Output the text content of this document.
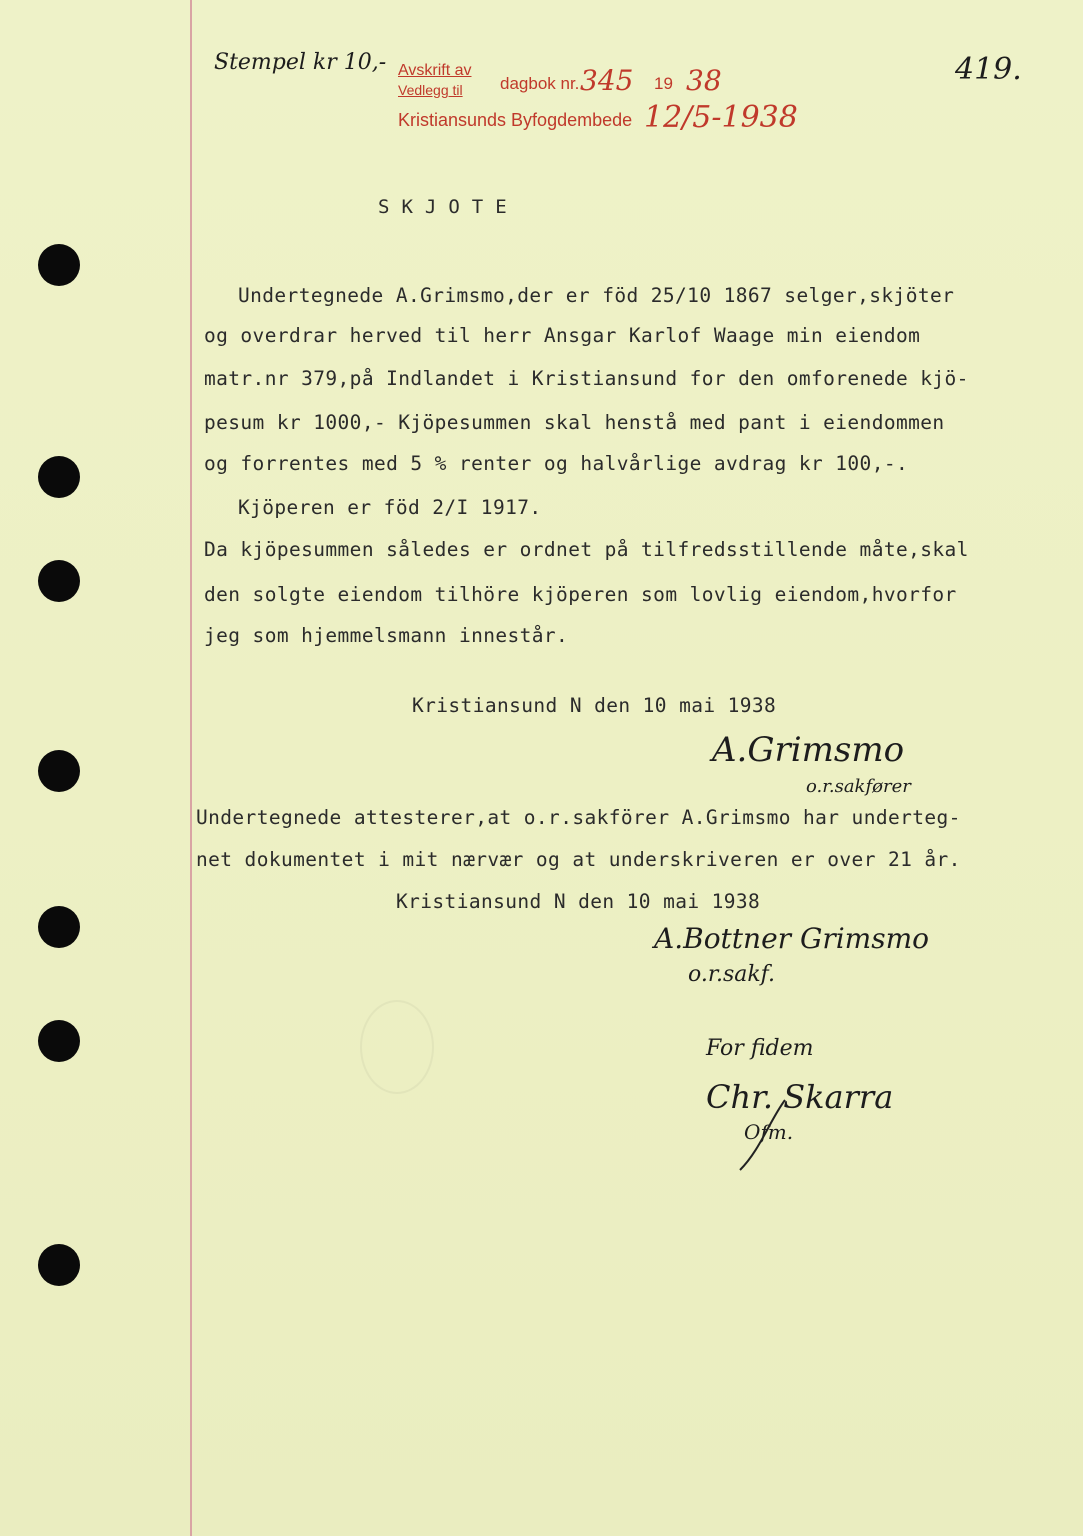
Stempel kr 10,-	419.
Avskrift av
Vedlegg til dagbok nr. 345 19 38
Kristiansunds Byfogdembede 12/5-1938
SKJOTE
Undertegnede A.Grimsmo,der er föd 25/10 1867 selger,skjöter
og overdrar herved til herr Ansgar Karlof Waage min eiendom
matr.nr 379,på Indlandet i Kristiansund for den omforenede kjö-
pesum kr 1000,- Kjöpesummen skal henstå med pant i eiendommen
og forrentes med 5 % renter og halvårlige avdrag kr 100,-.
Kjöperen er föd 2/I 1917.
Da kjöpesummen således er ordnet på tilfredsstillende måte,skal
den solgte eiendom tilhöre kjöperen som lovlig eiendom,hvorfor
jeg som hjemmelsmann innestår.
Kristiansund N den 10 mai 1938
A.Grimsmo
o.r.sakfører
Undertegnede attesterer,at o.r.sakförer A.Grimsmo har underteg-
net dokumentet i mit nærvær og at underskriveren er over 21 år.
Kristiansund N den 10 mai 1938
A.Bottner Grimsmo
o.r.sakf.
For fidem
Chr. Skarra
Ofm.
